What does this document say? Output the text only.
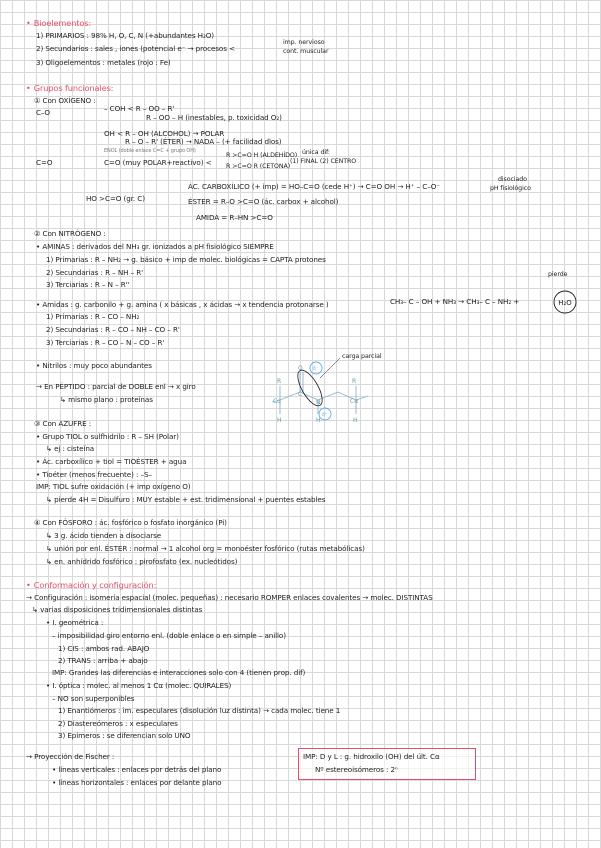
• Bioelementos:
1) PRIMARIOS : 98% H, O, C, N (+abundantes H₂O)
2) Secundarios : sales , iones (potencial e⁻ → procesos <
imp. nervioso
cont. muscular
3) Oligoelementos : metales (rojo : Fe)
• Grupos funcionales:
① Con OXÍGENO :
C–O	– COH < R – OO – R'
R – OO – H (inestables, p. toxicidad O₂)
OH < R – OH (ALCOHOL) → POLAR
R – O – R' (ÉTER) → NADA – (+ facilidad dlos)
ENOL (doble enlace C=C + grupo OH)
C=O	C=O (muy POLAR+reactivo) <
R >C=O H (ALDEHÍDO)
R >C=O R (CETONA)
única dif:
(1) FINAL (2) CENTRO
HO >C=O (gr. C)
ÁC. CARBOXÍLICO (+ imp) = HO–C=O (cede H⁺) → C=O OH → H⁺ – C–O⁻
disociado
pH fisiológico
ÉSTER = R–O >C=O (ác. carbox + alcohol)
AMIDA = R–HN >C=O
② Con NITRÓGENO :
• AMINAS : derivados del NH₃ gr. ionizados a pH fisiológico SIEMPRE
1) Primarias : R – NH₂ → g. básico + imp de molec. biológicas = CAPTA protones
2) Secundarias : R – NH – R'
3) Terciarias : R – N – R''
pierde
CH₃– C – OH + NH₃ → CH₃– C – NH₂ +	H₂O
• Amidas : g. carbonilo + g. amina ( x básicas , x ácidas → x tendencia protonarse )
1) Primarias : R – CO – NH₂
2) Secundarias : R – CO – NH – CO – R'
3) Terciarias : R – CO – N – CO – R'
• Nitrilos : muy poco abundantes
→ En PÉPTIDO : parcial de DOBLE enl → x giro
↳ mismo plano : proteínas
R
Cα
H
O
C
N
H
R
Cα
H
δ⁻
δ⁺
carga parcial
③ Con AZUFRE :
• Grupo TIOL o sulfhidrilo : R – SH (Polar)
↳ ej : cisteína
• Ác. carboxílico + tiol = TIOÉSTER + agua
• Tioéter (menos frecuente) : –S–
IMP: TIOL sufre oxidación (+ imp oxígeno O)
↳ pierde 4H = Disulfuro : MUY estable + est. tridimensional + puentes estables
④ Con FÓSFORO : ác. fosfórico o fosfato inorgánico (Pi)
↳ 3 g. ácido tienden a disociarse
↳ unión por enl. ÉSTER : normal → 1 alcohol org = monoéster fosfórico (rutas metabólicas)
↳ en. anhídrido fosfórico : pirofosfato (ex. nucleótidos)
• Conformación y configuración:
→ Configuración : isomería espacial (molec. pequeñas) : necesario ROMPER enlaces covalentes → molec. DISTINTAS
↳ varias disposiciones tridimensionales distintas
• I. geométrica :
– imposibilidad giro entorno enl. (doble enlace o en simple – anillo)
1) CIS : ambos rad. ABAJO
2) TRANS : arriba + abajo
IMP: Grandes las diferencias e interacciones solo con 4 (tienen prop. dif)
• I. óptica : molec. al menos 1 Cα (molec. QUIRALES)
– NO son superponibles
1) Enantiómeros : im. especulares (disolución luz distinta) → cada molec. tiene 1
2) Diastereómeros : x especulares
3) Epímeros : se diferencian solo UNO
→ Proyección de Fischer :
• líneas verticales : enlaces por detrás del plano
• líneas horizontales : enlaces por delante plano
IMP: D y L : g. hidroxilo (OH) del últ. Cα
Nº estereoisómeros : 2ⁿ
